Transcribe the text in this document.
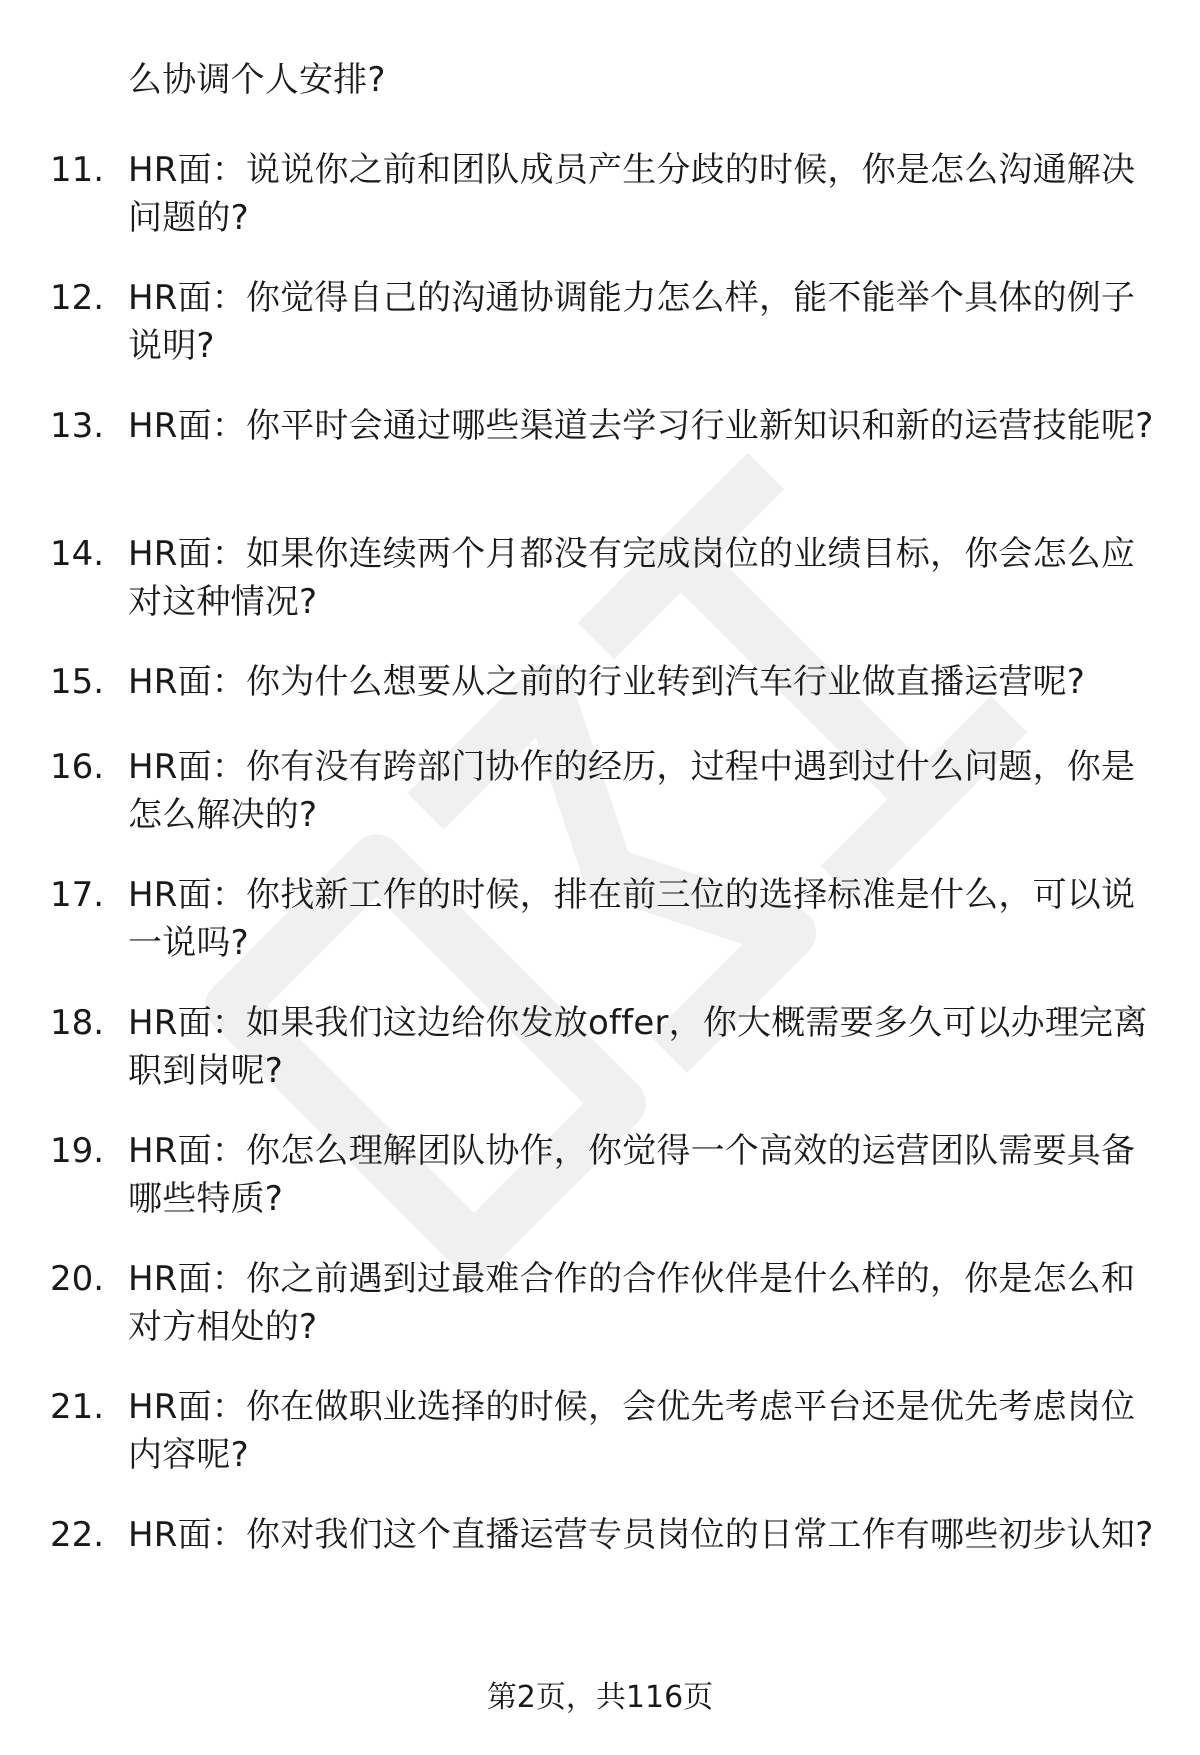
么协调个人安排?
11. HR面：说说你之前和团队成员产生分歧的时候，你是怎么沟通解决问题的?
12. HR面：你觉得自己的沟通协调能力怎么样，能不能举个具体的例子说明?
13. HR面：你平时会通过哪些渠道去学习行业新知识和新的运营技能呢?
14. HR面：如果你连续两个月都没有完成岗位的业绩目标，你会怎么应对这种情况?
15. HR面：你为什么想要从之前的行业转到汽车行业做直播运营呢?
16. HR面：你有没有跨部门协作的经历，过程中遇到过什么问题，你是怎么解决的?
17. HR面：你找新工作的时候，排在前三位的选择标准是什么，可以说一说吗?
18. HR面：如果我们这边给你发放offer，你大概需要多久可以办理完离职到岗呢?
19. HR面：你怎么理解团队协作，你觉得一个高效的运营团队需要具备哪些特质?
20. HR面：你之前遇到过最难合作的合作伙伴是什么样的，你是怎么和对方相处的?
21. HR面：你在做职业选择的时候，会优先考虑平台还是优先考虑岗位内容呢?
22. HR面：你对我们这个直播运营专员岗位的日常工作有哪些初步认知?
第2页，共116页
